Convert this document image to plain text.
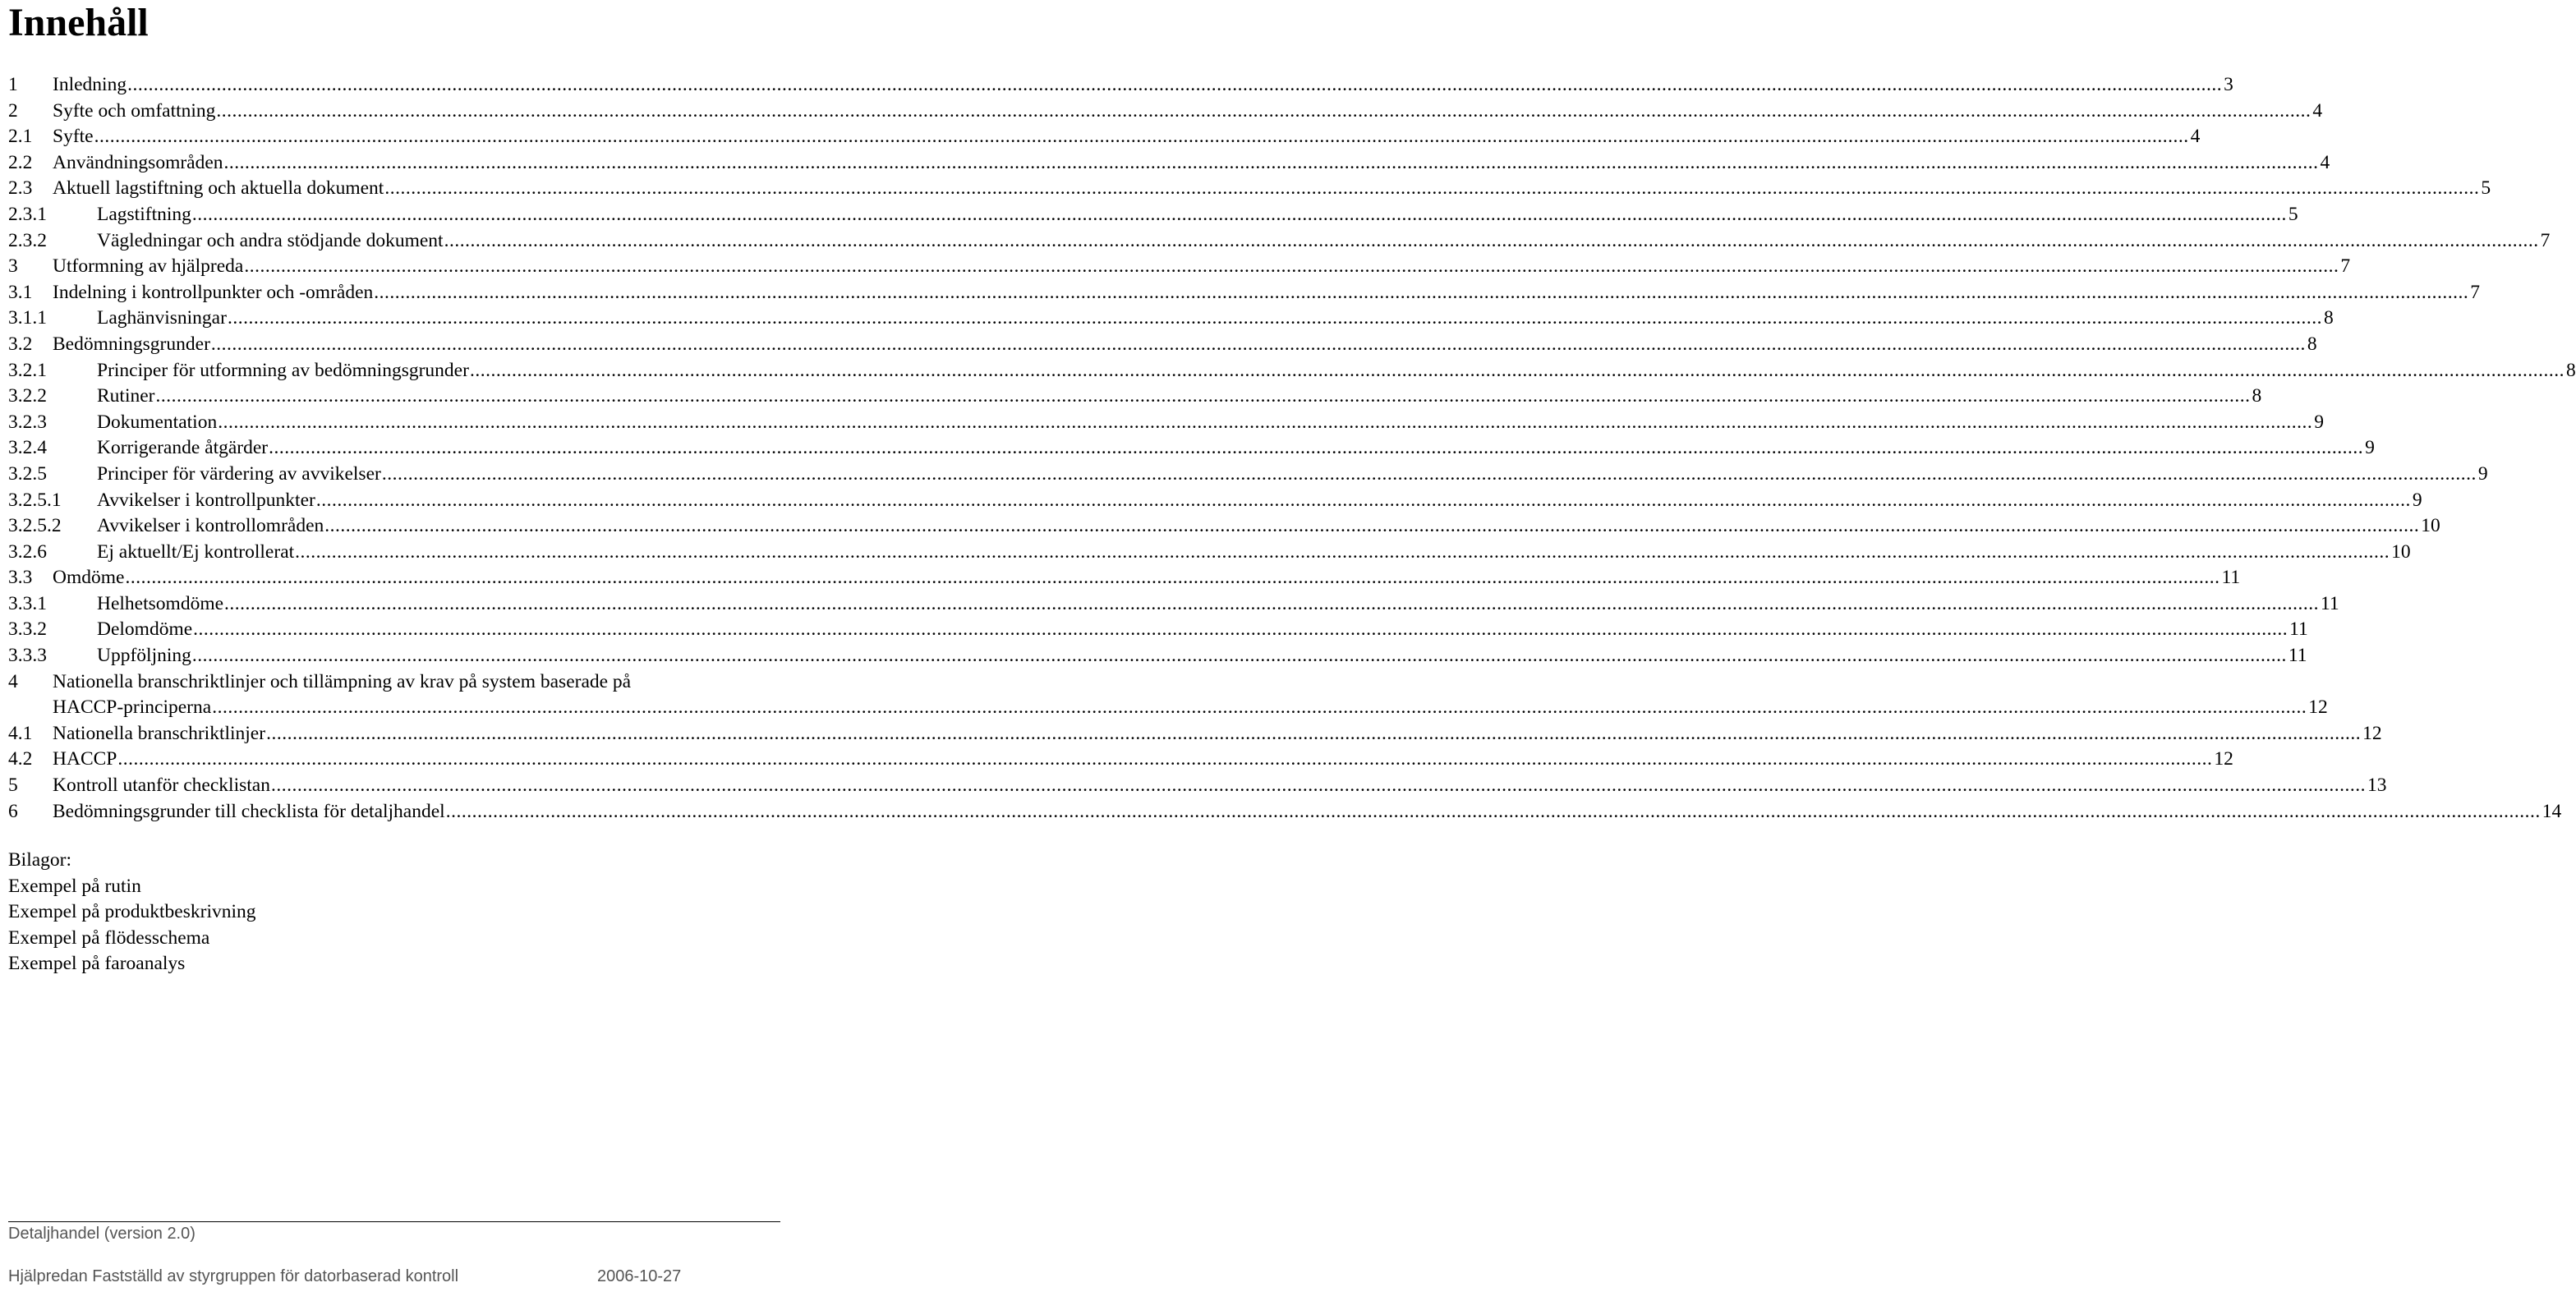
Innehåll
1 Inledning ................................................................................................................................................................................................................................................................................................................................................................................................................ 3
2 Syfte och omfattning ................................................................................................................................................................................................................................................................................................................................................................................................................ 4
2.1 Syfte ................................................................................................................................................................................................................................................................................................................................................................................................................ 4
2.2 Användningsområden ................................................................................................................................................................................................................................................................................................................................................................................................................ 4
2.3 Aktuell lagstiftning och aktuella dokument ................................................................................................................................................................................................................................................................................................................................................................................................................ 5
2.3.1	Lagstiftning ................................................................................................................................................................................................................................................................................................................................................................................................................ 5
2.3.2	Vägledningar och andra stödjande dokument ................................................................................................................................................................................................................................................................................................................................................................................................................ 7
3 Utformning av hjälpreda ................................................................................................................................................................................................................................................................................................................................................................................................................ 7
3.1 Indelning i kontrollpunkter och -områden ................................................................................................................................................................................................................................................................................................................................................................................................................ 7
3.1.1	Laghänvisningar ................................................................................................................................................................................................................................................................................................................................................................................................................ 8
3.2 Bedömningsgrunder ................................................................................................................................................................................................................................................................................................................................................................................................................ 8
3.2.1	Principer för utformning av bedömningsgrunder ................................................................................................................................................................................................................................................................................................................................................................................................................ 8
3.2.2	Rutiner ................................................................................................................................................................................................................................................................................................................................................................................................................ 8
3.2.3	Dokumentation ................................................................................................................................................................................................................................................................................................................................................................................................................ 9
3.2.4	Korrigerande åtgärder ................................................................................................................................................................................................................................................................................................................................................................................................................ 9
3.2.5	Principer för värdering av avvikelser ................................................................................................................................................................................................................................................................................................................................................................................................................ 9
3.2.5.1 Avvikelser i kontrollpunkter ................................................................................................................................................................................................................................................................................................................................................................................................................ 9
3.2.5.2 Avvikelser i kontrollområden ................................................................................................................................................................................................................................................................................................................................................................................................................ 10
3.2.6	Ej aktuellt/Ej kontrollerat ................................................................................................................................................................................................................................................................................................................................................................................................................ 10
3.3 Omdöme ................................................................................................................................................................................................................................................................................................................................................................................................................ 11
3.3.1	Helhetsomdöme ................................................................................................................................................................................................................................................................................................................................................................................................................ 11
3.3.2	Delomdöme ................................................................................................................................................................................................................................................................................................................................................................................................................ 11
3.3.3	Uppföljning ................................................................................................................................................................................................................................................................................................................................................................................................................ 11
4 Nationella branschriktlinjer och tillämpning av krav på system baserade på
HACCP-principerna ................................................................................................................................................................................................................................................................................................................................................................................................................ 12
4.1 Nationella branschriktlinjer ................................................................................................................................................................................................................................................................................................................................................................................................................ 12
4.2 HACCP ................................................................................................................................................................................................................................................................................................................................................................................................................ 12
5 Kontroll utanför checklistan ................................................................................................................................................................................................................................................................................................................................................................................................................ 13
6 Bedömningsgrunder till checklista för detaljhandel ................................................................................................................................................................................................................................................................................................................................................................................................................ 14
Bilagor:
Exempel på rutin
Exempel på produktbeskrivning
Exempel på flödesschema
Exempel på faroanalys
Detaljhandel (version 2.0)
Hjälpredan Fastställd av styrgruppen för datorbaserad kontroll	2006-10-27
